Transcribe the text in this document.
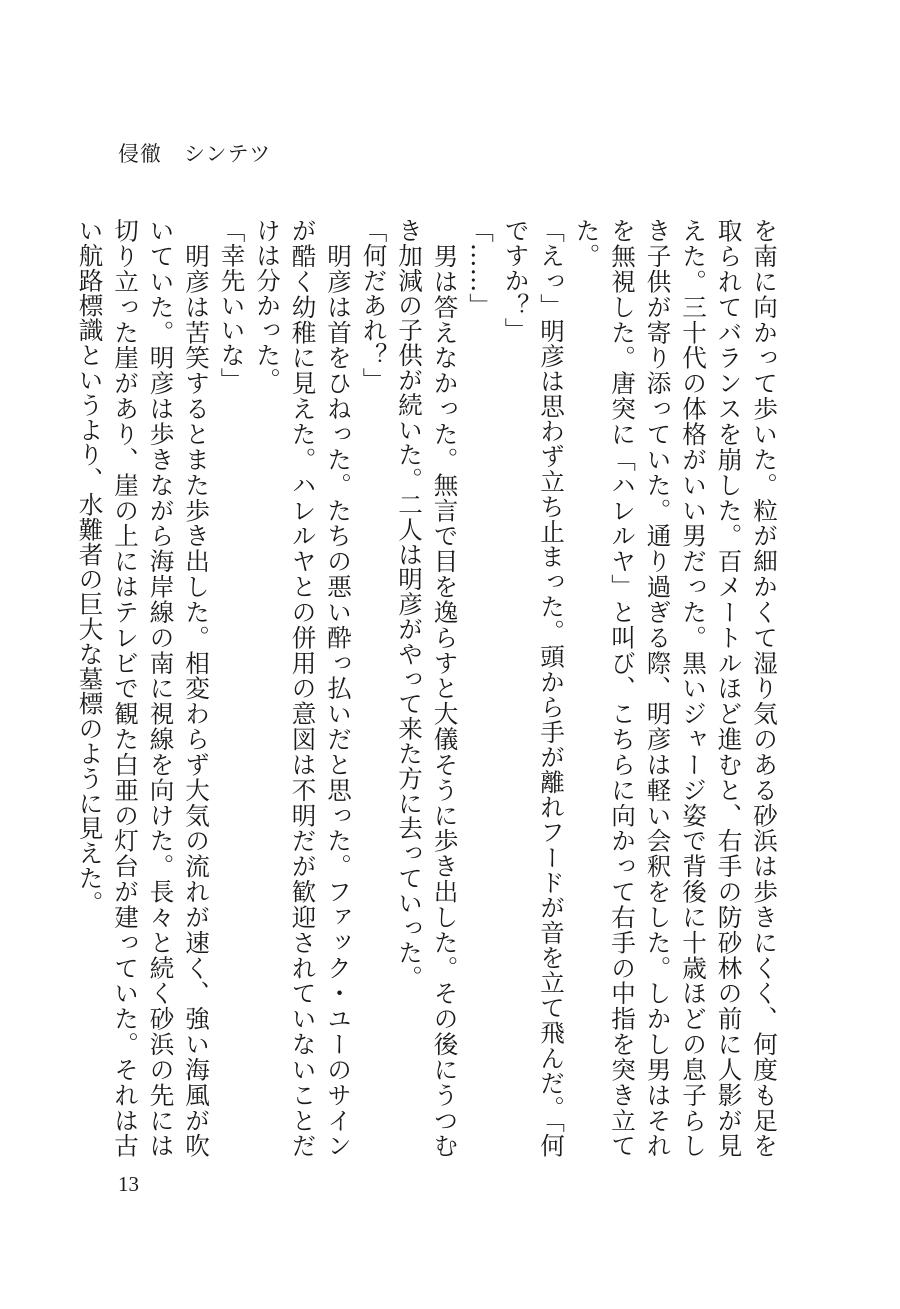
侵徹　シンテツ

を南に向かって歩いた。粒が細かくて湿り気のある砂浜は歩きにくく、何度も足を取られてバランスを崩した。百メートルほど進むと、右手の防砂林の前に人影が見えた。三十代の体格がいい男だった。黒いジャージ姿で背後に十歳ほどの息子らしき子供が寄り添っていた。通り過ぎる際、明彦は軽い会釈をした。しかし男はそれを無視した。唐突に「ハレルヤ」と叫び、こちらに向かって右手の中指を突き立てた。

「えっ」明彦は思わず立ち止まった。頭から手が離れフードが音を立て飛んだ。「何ですか？」

「……」

　男は答えなかった。無言で目を逸らすと大儀そうに歩き出した。その後にうつむき加減の子供が続いた。二人は明彦がやって来た方に去っていった。

「何だあれ？」

　明彦は首をひねった。たちの悪い酔っ払いだと思った。ファック・ユーのサインが酷く幼稚に見えた。ハレルヤとの併用の意図は不明だが歓迎されていないことだけは分かった。

「幸先いいな」

　明彦は苦笑するとまた歩き出した。相変わらず大気の流れが速く、強い海風が吹いていた。明彦は歩きながら海岸線の南に視線を向けた。長々と続く砂浜の先には切り立った崖があり、崖の上にはテレビで観た白亜の灯台が建っていた。それは古い航路標識というより、水難者の巨大な墓標のように見えた。

13
